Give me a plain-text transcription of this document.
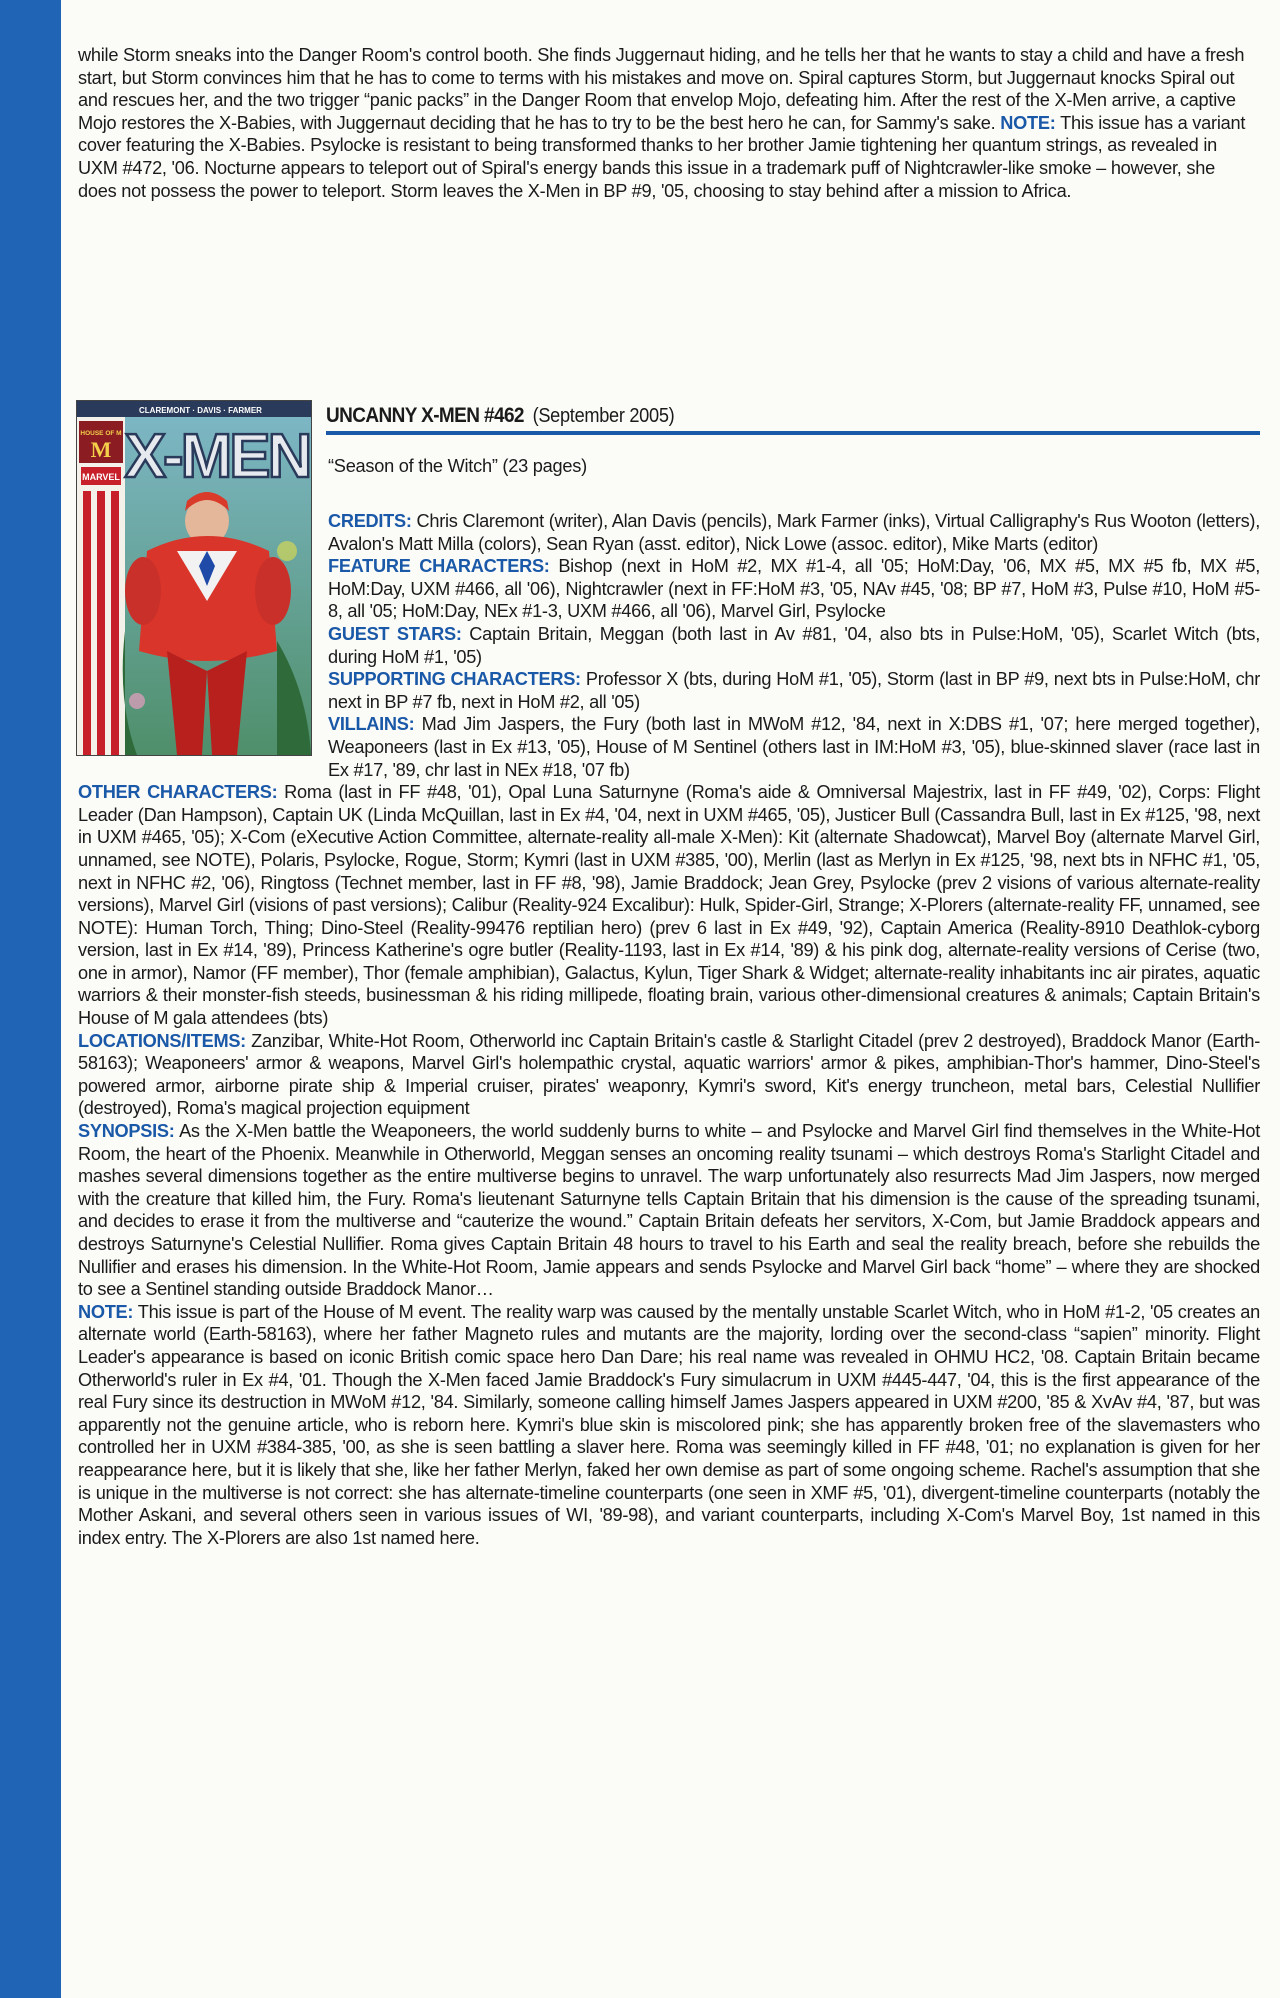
while Storm sneaks into the Danger Room's control booth. She finds Juggernaut hiding, and he tells her that he wants to stay a child and have a fresh start, but Storm convinces him that he has to come to terms with his mistakes and move on. Spiral captures Storm, but Juggernaut knocks Spiral out and rescues her, and the two trigger “panic packs” in the Danger Room that envelop Mojo, defeating him. After the rest of the X-Men arrive, a captive Mojo restores the X-Babies, with Juggernaut deciding that he has to try to be the best hero he can, for Sammy's sake. NOTE: This issue has a variant cover featuring the X-Babies. Psylocke is resistant to being transformed thanks to her brother Jamie tightening her quantum strings, as revealed in UXM #472, '06. Nocturne appears to teleport out of Spiral's energy bands this issue in a trademark puff of Nightcrawler-like smoke – however, she does not possess the power to teleport. Storm leaves the X-Men in BP #9, '05, choosing to stay behind after a mission to Africa.

CLAREMONT · DAVIS · FARMER
HOUSE OF M
M
MARVEL X-MEN
UNCANNY X-MEN #462 (September 2005)
“Season of the Witch” (23 pages)

CREDITS: Chris Claremont (writer), Alan Davis (pencils), Mark Farmer (inks), Virtual Calligraphy's Rus Wooton (letters), Avalon's Matt Milla (colors), Sean Ryan (asst. editor), Nick Lowe (assoc. editor), Mike Marts (editor)

FEATURE CHARACTERS: Bishop (next in HoM #2, MX #1-4, all '05; HoM:Day, '06, MX #5, MX #5 fb, MX #5, HoM:Day, UXM #466, all '06), Nightcrawler (next in FF:HoM #3, '05, NAv #45, '08; BP #7, HoM #3, Pulse #10, HoM #5-8, all '05; HoM:Day, NEx #1-3, UXM #466, all '06), Marvel Girl, Psylocke

GUEST STARS: Captain Britain, Meggan (both last in Av #81, '04, also bts in Pulse:HoM, '05), Scarlet Witch (bts, during HoM #1, '05)

SUPPORTING CHARACTERS: Professor X (bts, during HoM #1, '05), Storm (last in BP #9, next bts in Pulse:HoM, chr next in BP #7 fb, next in HoM #2, all '05)

VILLAINS: Mad Jim Jaspers, the Fury (both last in MWoM #12, '84, next in X:DBS #1, '07; here merged together), Weaponeers (last in Ex #13, '05), House of M Sentinel (others last in IM:HoM #3, '05), blue-skinned slaver (race last in Ex #17, '89, chr last in NEx #18, '07 fb)

OTHER CHARACTERS: Roma (last in FF #48, '01), Opal Luna Saturnyne (Roma's aide & Omniversal Majestrix, last in FF #49, '02), Corps: Flight Leader (Dan Hampson), Captain UK (Linda McQuillan, last in Ex #4, '04, next in UXM #465, '05), Justicer Bull (Cassandra Bull, last in Ex #125, '98, next in UXM #465, '05); X-Com (eXecutive Action Committee, alternate-reality all-male X-Men): Kit (alternate Shadowcat), Marvel Boy (alternate Marvel Girl, unnamed, see NOTE), Polaris, Psylocke, Rogue, Storm; Kymri (last in UXM #385, '00), Merlin (last as Merlyn in Ex #125, '98, next bts in NFHC #1, '05, next in NFHC #2, '06), Ringtoss (Technet member, last in FF #8, '98), Jamie Braddock; Jean Grey, Psylocke (prev 2 visions of various alternate-reality versions), Marvel Girl (visions of past versions); Calibur (Reality-924 Excalibur): Hulk, Spider-Girl, Strange; X-Plorers (alternate-reality FF, unnamed, see NOTE): Human Torch, Thing; Dino-Steel (Reality-99476 reptilian hero) (prev 6 last in Ex #49, '92), Captain America (Reality-8910 Deathlok-cyborg version, last in Ex #14, '89), Princess Katherine's ogre butler (Reality-1193, last in Ex #14, '89) & his pink dog, alternate-reality versions of Cerise (two, one in armor), Namor (FF member), Thor (female amphibian), Galactus, Kylun, Tiger Shark & Widget; alternate-reality inhabitants inc air pirates, aquatic warriors & their monster-fish steeds, businessman & his riding millipede, floating brain, various other-dimensional creatures & animals; Captain Britain's House of M gala attendees (bts)

LOCATIONS/ITEMS: Zanzibar, White-Hot Room, Otherworld inc Captain Britain's castle & Starlight Citadel (prev 2 destroyed), Braddock Manor (Earth-58163); Weaponeers' armor & weapons, Marvel Girl's holempathic crystal, aquatic warriors' armor & pikes, amphibian-Thor's hammer, Dino-Steel's powered armor, airborne pirate ship & Imperial cruiser, pirates' weaponry, Kymri's sword, Kit's energy truncheon, metal bars, Celestial Nullifier (destroyed), Roma's magical projection equipment

SYNOPSIS: As the X-Men battle the Weaponeers, the world suddenly burns to white – and Psylocke and Marvel Girl find themselves in the White-Hot Room, the heart of the Phoenix. Meanwhile in Otherworld, Meggan senses an oncoming reality tsunami – which destroys Roma's Starlight Citadel and mashes several dimensions together as the entire multiverse begins to unravel. The warp unfortunately also resurrects Mad Jim Jaspers, now merged with the creature that killed him, the Fury. Roma's lieutenant Saturnyne tells Captain Britain that his dimension is the cause of the spreading tsunami, and decides to erase it from the multiverse and “cauterize the wound.” Captain Britain defeats her servitors, X-Com, but Jamie Braddock appears and destroys Saturnyne's Celestial Nullifier. Roma gives Captain Britain 48 hours to travel to his Earth and seal the reality breach, before she rebuilds the Nullifier and erases his dimension. In the White-Hot Room, Jamie appears and sends Psylocke and Marvel Girl back “home” – where they are shocked to see a Sentinel standing outside Braddock Manor…

NOTE: This issue is part of the House of M event. The reality warp was caused by the mentally unstable Scarlet Witch, who in HoM #1-2, '05 creates an alternate world (Earth-58163), where her father Magneto rules and mutants are the majority, lording over the second-class “sapien” minority. Flight Leader's appearance is based on iconic British comic space hero Dan Dare; his real name was revealed in OHMU HC2, '08. Captain Britain became Otherworld's ruler in Ex #4, '01. Though the X-Men faced Jamie Braddock's Fury simulacrum in UXM #445-447, '04, this is the first appearance of the real Fury since its destruction in MWoM #12, '84. Similarly, someone calling himself James Jaspers appeared in UXM #200, '85 & XvAv #4, '87, but was apparently not the genuine article, who is reborn here. Kymri's blue skin is miscolored pink; she has apparently broken free of the slavemasters who controlled her in UXM #384-385, '00, as she is seen battling a slaver here. Roma was seemingly killed in FF #48, '01; no explanation is given for her reappearance here, but it is likely that she, like her father Merlyn, faked her own demise as part of some ongoing scheme. Rachel's assumption that she is unique in the multiverse is not correct: she has alternate-timeline counterparts (one seen in XMF #5, '01), divergent-timeline counterparts (notably the Mother Askani, and several others seen in various issues of WI, '89-98), and variant counterparts, including X-Com's Marvel Boy, 1st named in this index entry. The X-Plorers are also 1st named here.
